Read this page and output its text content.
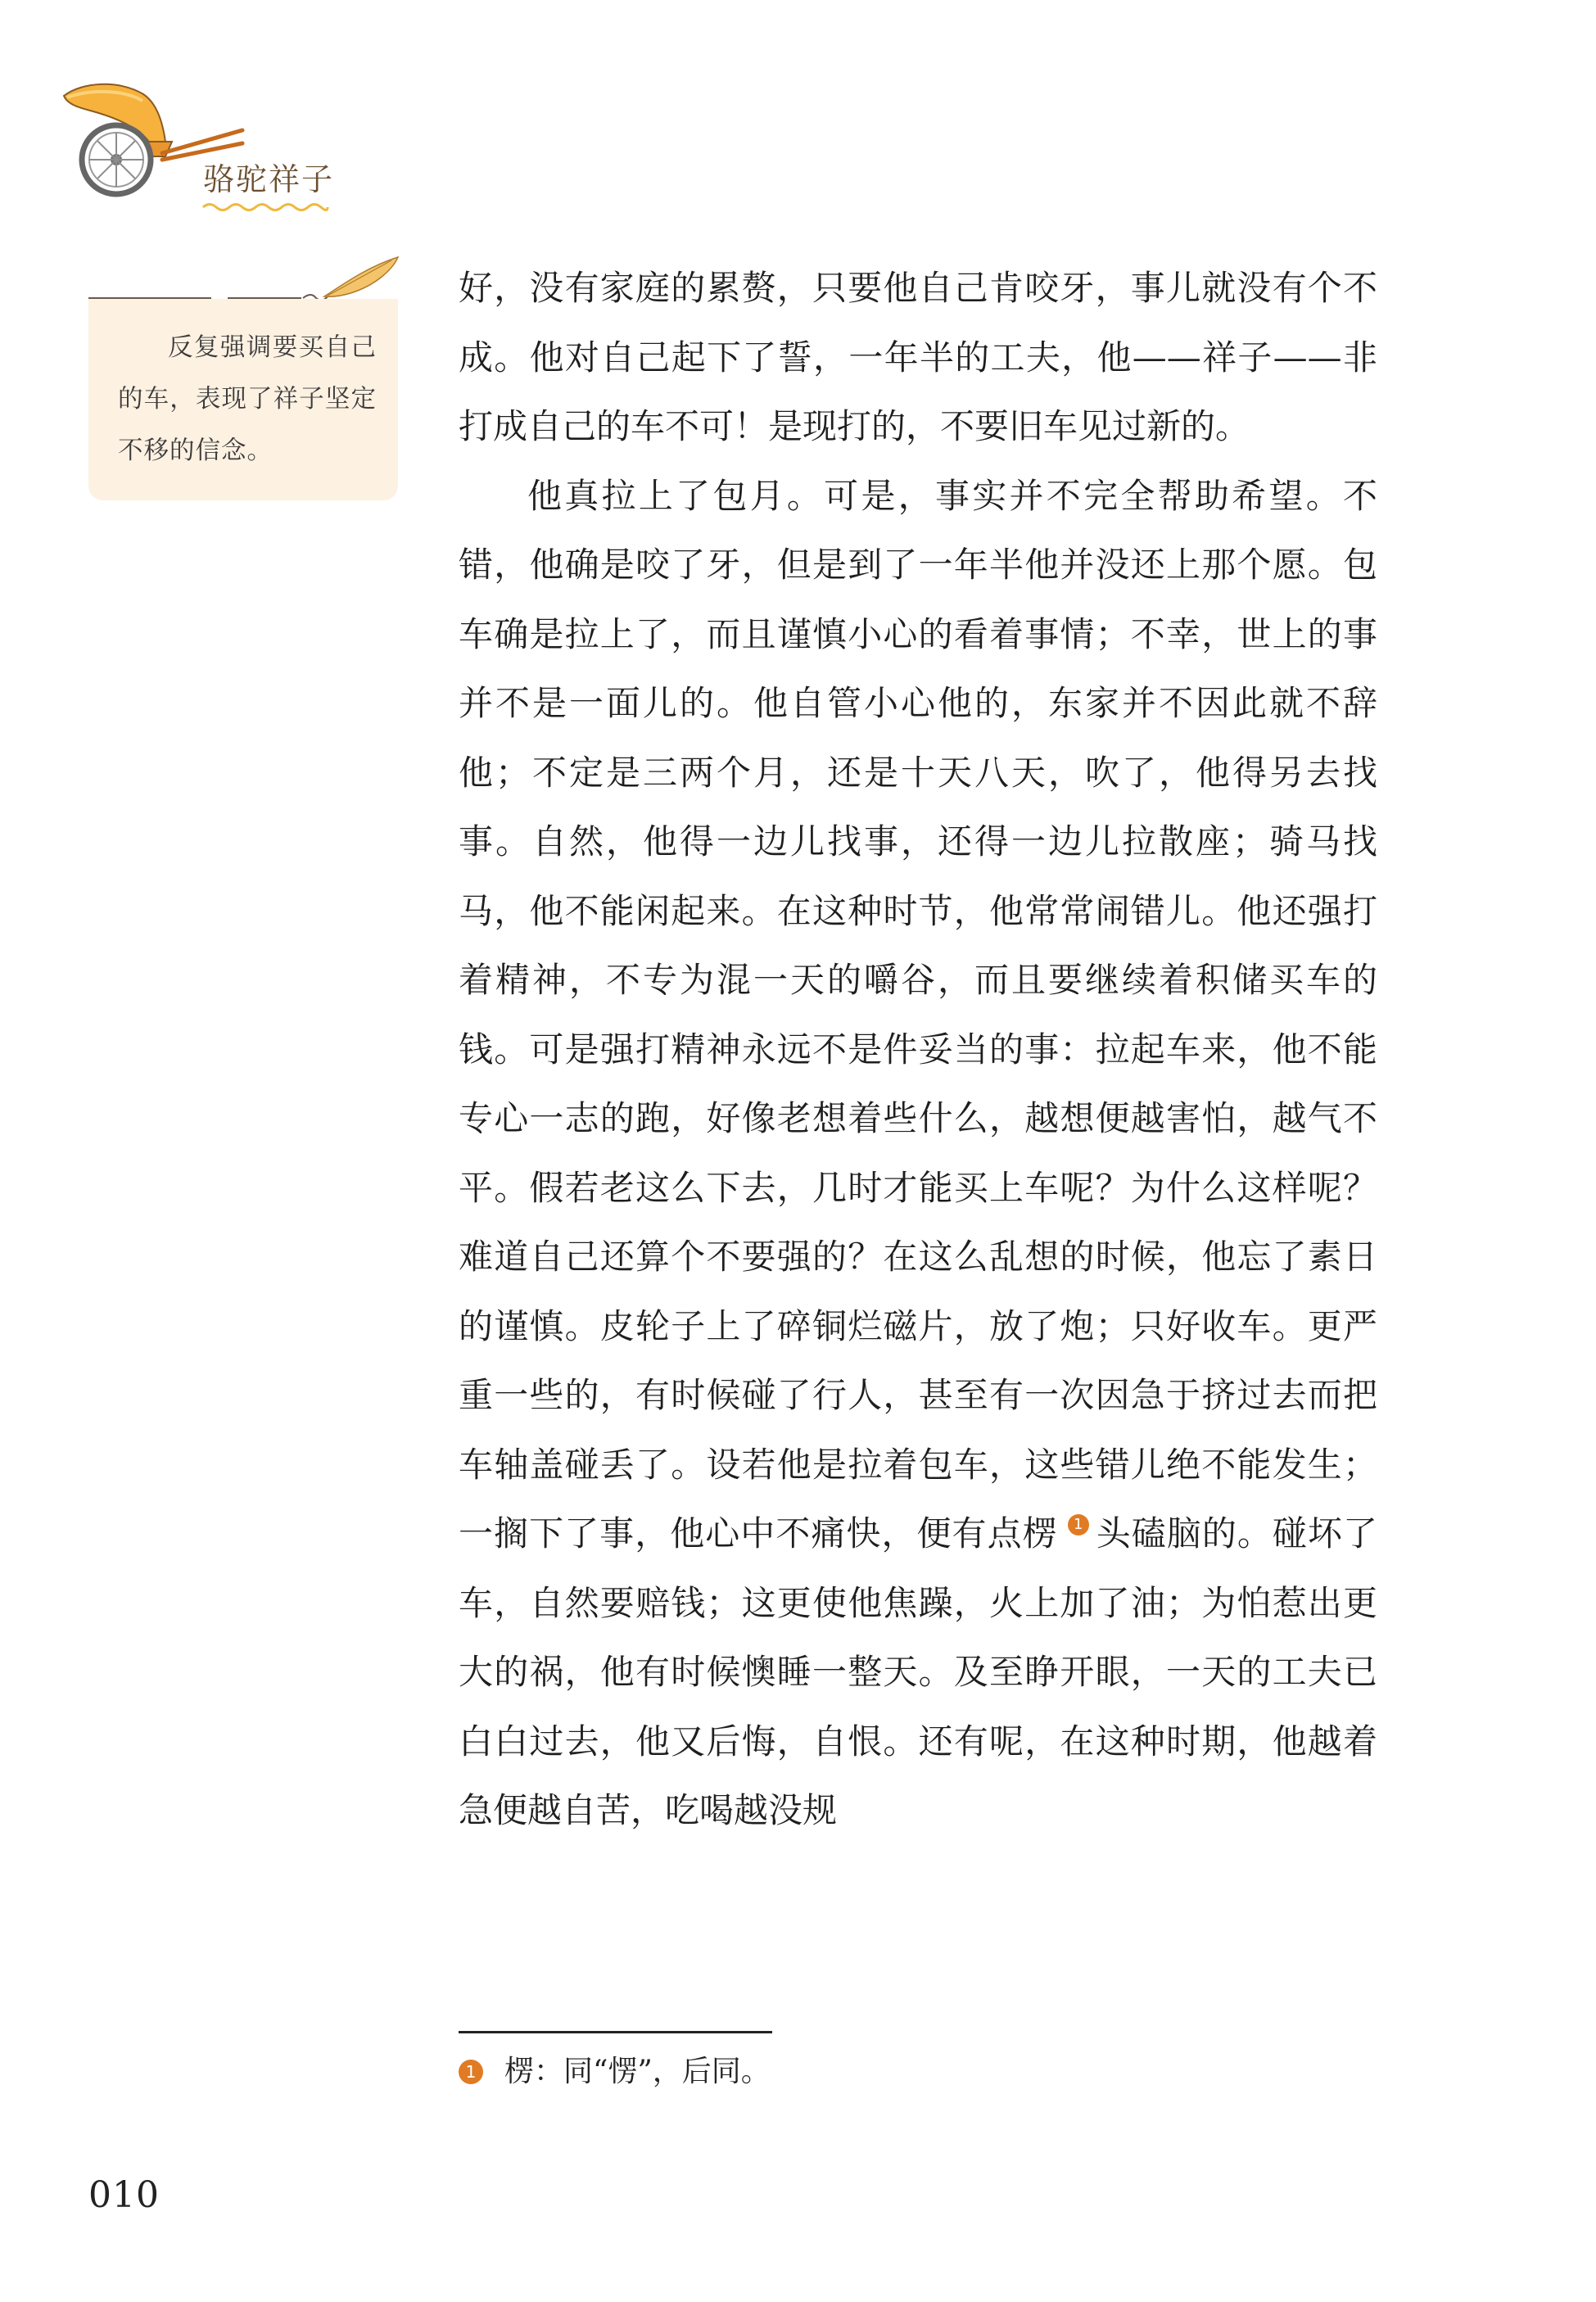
骆驼祥子

反复强调要买自己的车，表现了祥子坚定不移的信念。

好，没有家庭的累赘，只要他自己肯咬牙，事儿就没有个不成。他对自己起下了誓，一年半的工夫，他——祥子——非打成自己的车不可！是现打的，不要旧车见过新的。

他真拉上了包月。可是，事实并不完全帮助希望。不错，他确是咬了牙，但是到了一年半他并没还上那个愿。包车确是拉上了，而且谨慎小心的看着事情；不幸，世上的事并不是一面儿的。他自管小心他的，东家并不因此就不辞他；不定是三两个月，还是十天八天，吹了，他得另去找事。自然，他得一边儿找事，还得一边儿拉散座；骑马找马，他不能闲起来。在这种时节，他常常闹错儿。他还强打着精神，不专为混一天的嚼谷，而且要继续着积储买车的钱。可是强打精神永远不是件妥当的事：拉起车来，他不能专心一志的跑，好像老想着些什么，越想便越害怕，越气不平。假若老这么下去，几时才能买上车呢？为什么这样呢？难道自己还算个不要强的？在这么乱想的时候，他忘了素日的谨慎。皮轮子上了碎铜烂磁片，放了炮；只好收车。更严重一些的，有时候碰了行人，甚至有一次因急于挤过去而把车轴盖碰丢了。设若他是拉着包车，这些错儿绝不能发生；一搁下了事，他心中不痛快，便有点楞 1 头磕脑的。碰坏了车，自然要赔钱；这更使他焦躁，火上加了油；为怕惹出更大的祸，他有时候懊睡一整天。及至睁开眼，一天的工夫已白白过去，他又后悔，自恨。还有呢，在这种时期，他越着急便越自苦，吃喝越没规

1 楞：同“愣”，后同。
010
